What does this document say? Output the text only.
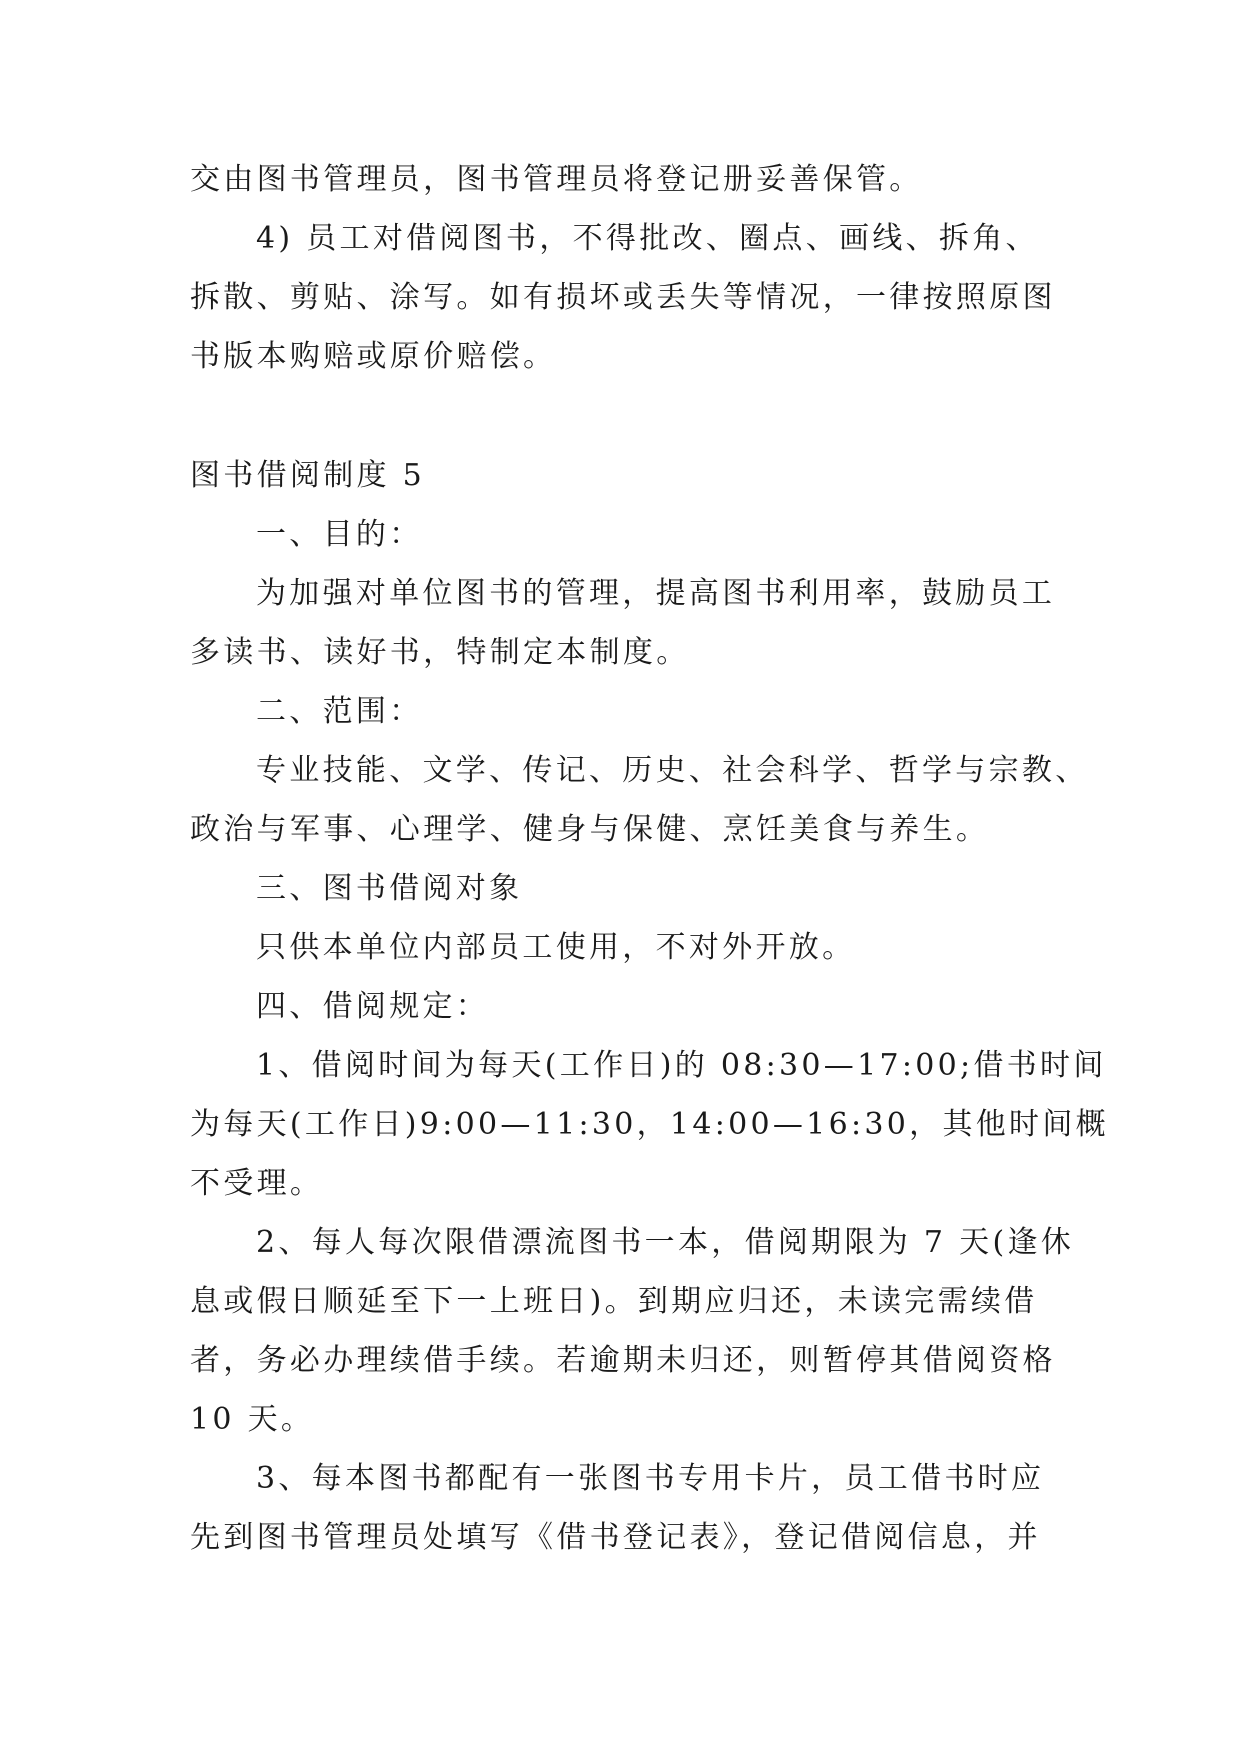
交由图书管理员，图书管理员将登记册妥善保管。
4) 员工对借阅图书，不得批改、圈点、画线、拆角、
拆散、剪贴、涂写。如有损坏或丢失等情况，一律按照原图
书版本购赔或原价赔偿。
图书借阅制度 5
一、目的：
为加强对单位图书的管理，提高图书利用率，鼓励员工
多读书、读好书，特制定本制度。
二、范围：
专业技能、文学、传记、历史、社会科学、哲学与宗教、
政治与军事、心理学、健身与保健、烹饪美食与养生。
三、图书借阅对象
只供本单位内部员工使用，不对外开放。
四、借阅规定：
1、借阅时间为每天(工作日)的 08:30—17:00;借书时间
为每天(工作日)9:00—11:30，14:00—16:30，其他时间概
不受理。
2、每人每次限借漂流图书一本，借阅期限为 7 天(逢休
息或假日顺延至下一上班日)。到期应归还，未读完需续借
者，务必办理续借手续。若逾期未归还，则暂停其借阅资格
10 天。
3、每本图书都配有一张图书专用卡片，员工借书时应
先到图书管理员处填写《借书登记表》，登记借阅信息，并
